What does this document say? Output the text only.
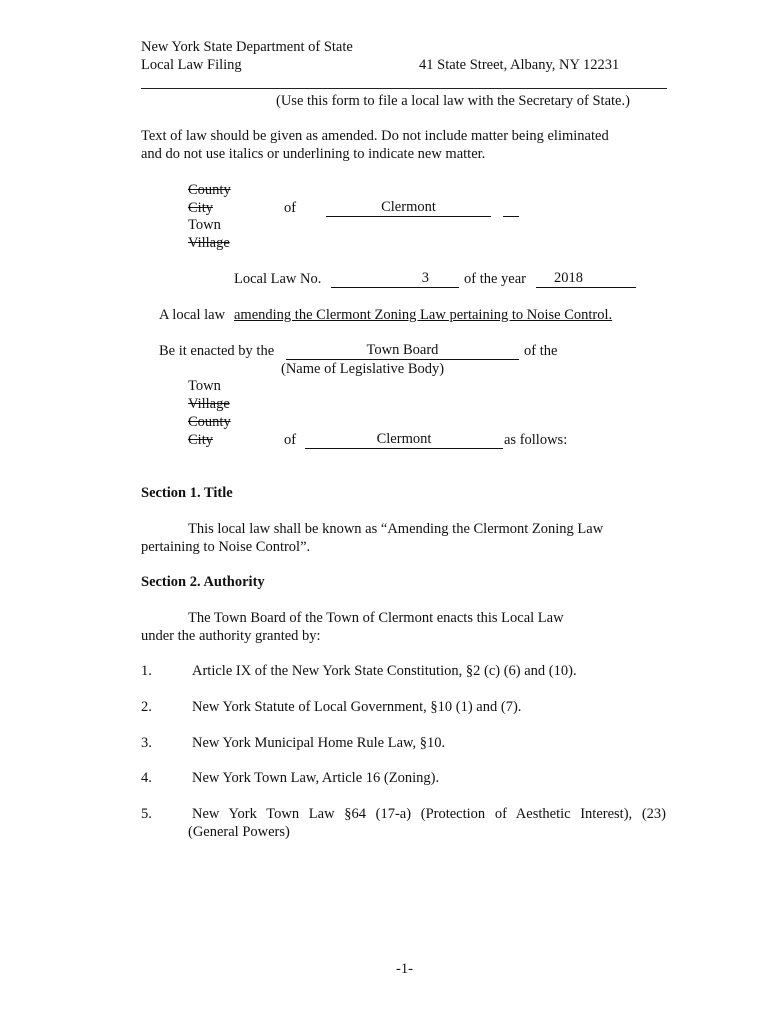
New York State Department of State
Local Law Filing	41 State Street, Albany, NY 12231
(Use this form to file a local law with the Secretary of State.)
Text of law should be given as amended. Do not include matter being eliminated
and do not use italics or underlining to indicate new matter.
County
City
Town
Village
of	Clermont
Local Law No.	3	of the year	2018
A local law amending the Clermont Zoning Law pertaining to Noise Control.
Be it enacted by the	Town Board	of the
(Name of Legislative Body)
Town
Village
County
City	of	Clermont	as follows:
Section 1. Title
This local law shall be known as “Amending the Clermont Zoning Law
pertaining to Noise Control”.
Section 2. Authority
The Town Board of the Town of Clermont enacts this Local Law
under the authority granted by:
1.	Article IX of the New York State Constitution, §2 (c) (6) and (10).
2.	New York Statute of Local Government, §10 (1) and (7).
3.	New York Municipal Home Rule Law, §10.
4.	New York Town Law, Article 16 (Zoning).
5.	New York Town Law §64 (17-a) (Protection of Aesthetic Interest), (23)
(General Powers)
-1-
